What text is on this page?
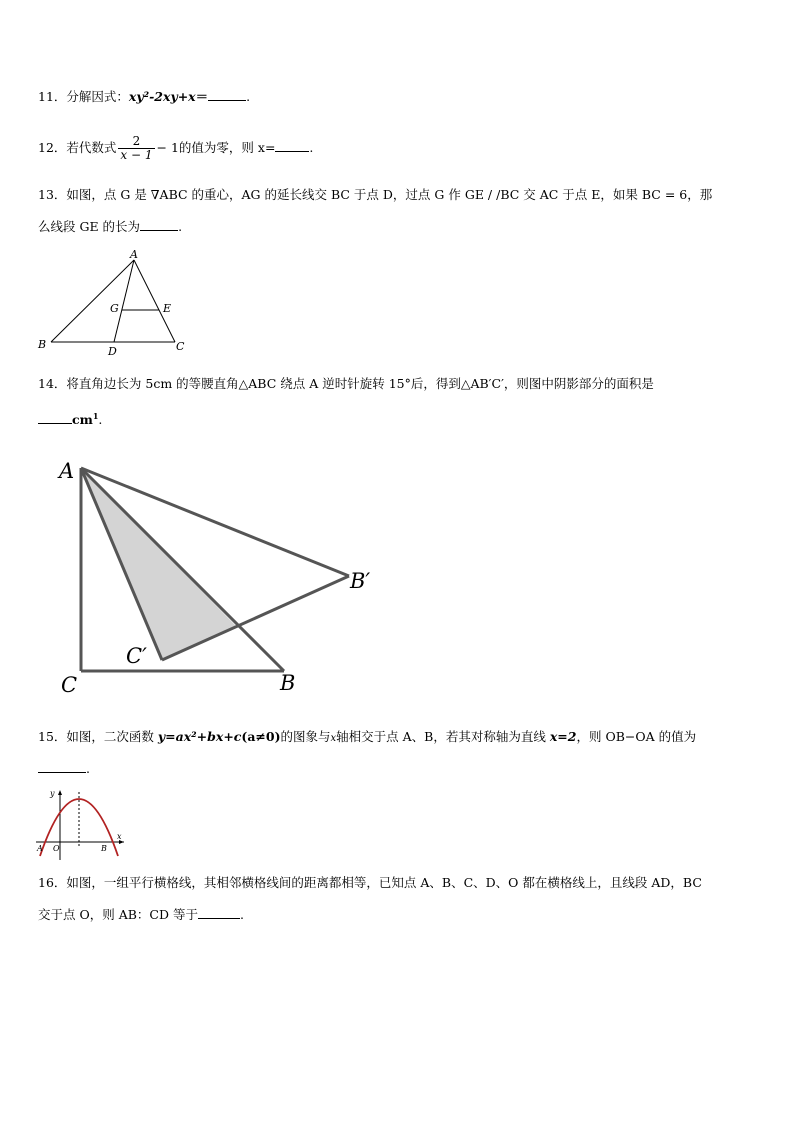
11．分解因式：xy²-2xy+x＝	.
12．若代数式 $\frac{2}{x - 1} - 1$的值为零，则 x=	.
13．如图，点 G 是 ∇ABC 的重心，AG 的延长线交 BC 于点 D，过点 G 作 GE / /BC 交 AC 于点 E，如果 BC = 6，那
么线段 GE 的长为	.
A
B	C
D
G	E
14．将直角边长为 5cm 的等腰直角△ABC 绕点 A 逆时针旋转 15°后，得到△AB′C′，则图中阴影部分的面积是
$cm^1$.
A
B′
C′
C	B
15．如图，二次函数 y=ax²+bx+c(a≠0)的图象与x轴相交于点 A、B，若其对称轴为直线 x=2，则 OB−OA 的值为
.
y
x
A O	B
16．如图，一组平行横格线，其相邻横格线间的距离都相等，已知点 A、B、C、D、O 都在横格线上，且线段 AD，BC
交于点 O，则 AB：CD 等于	.
